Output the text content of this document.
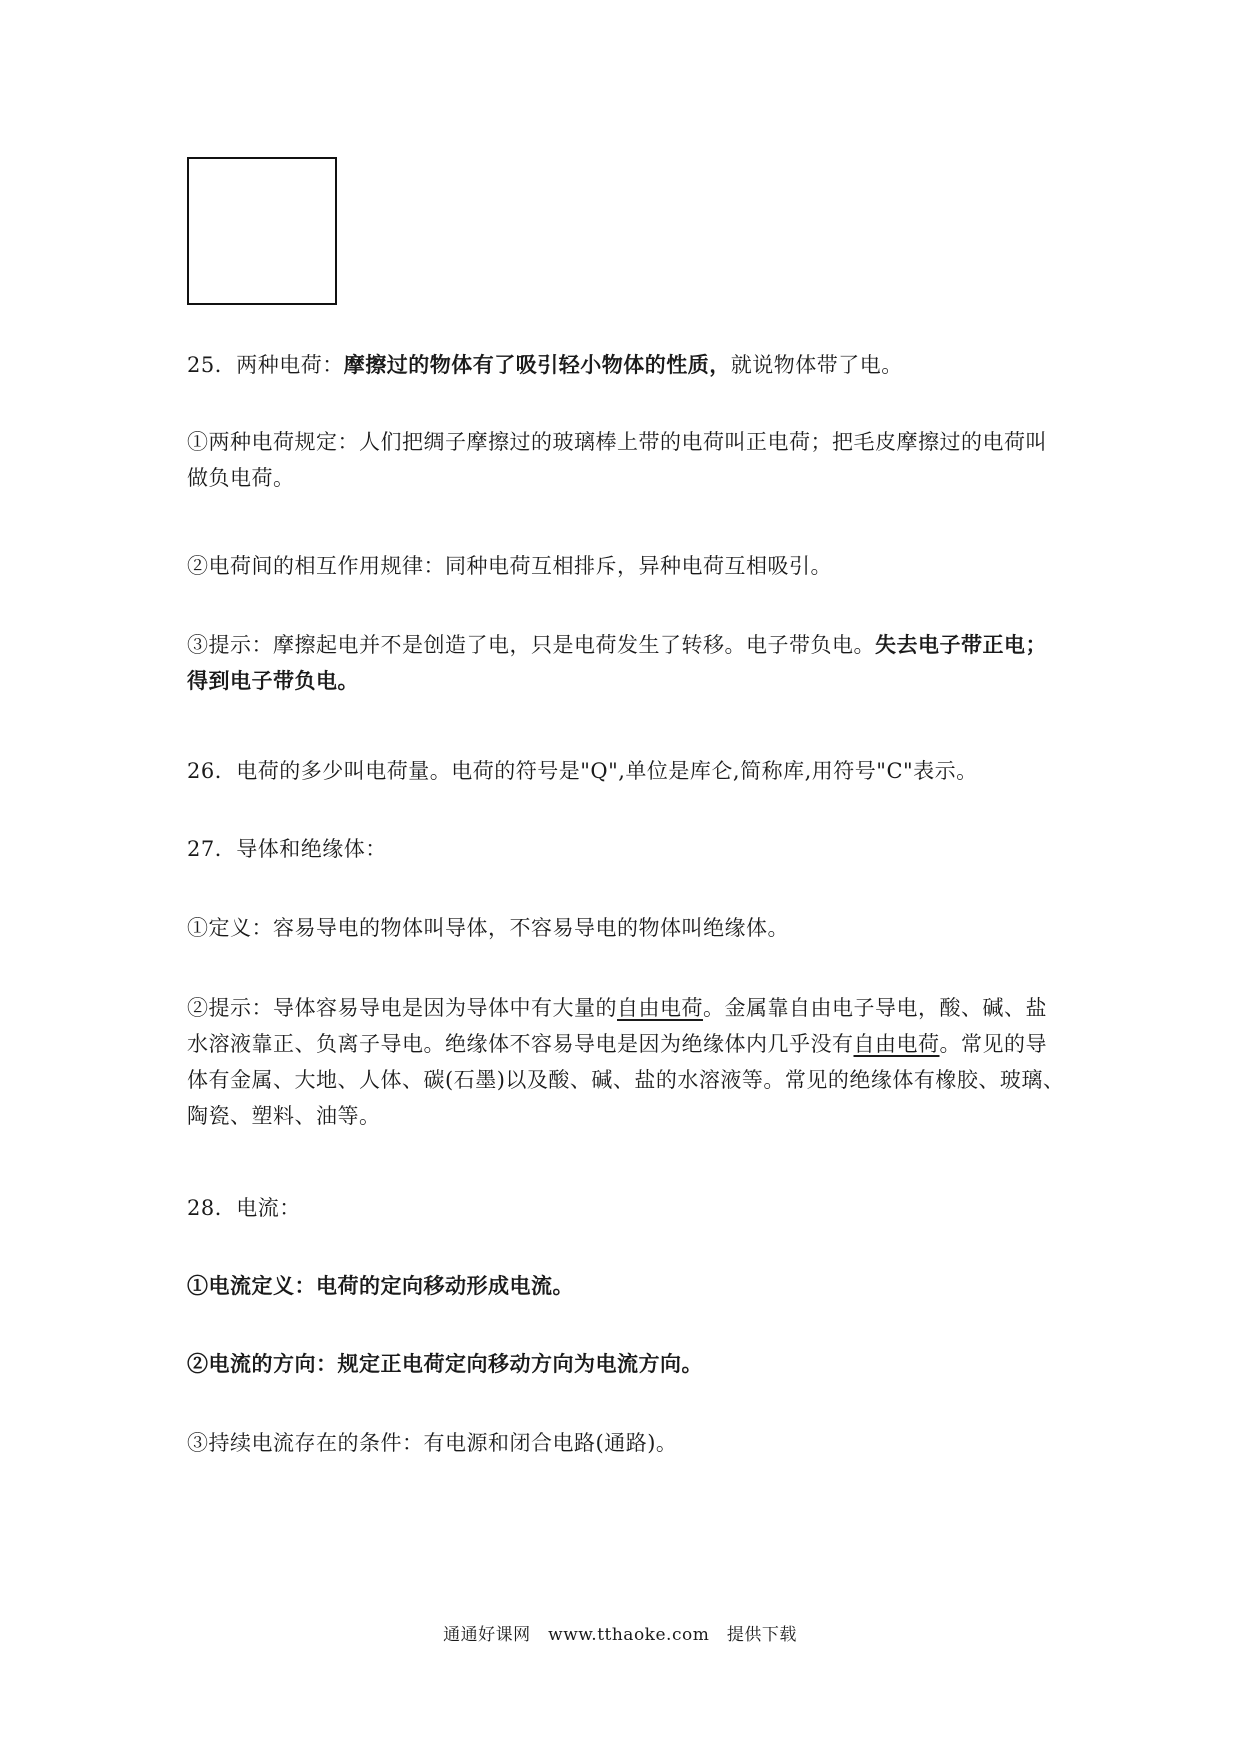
25．两种电荷：摩擦过的物体有了吸引轻小物体的性质，就说物体带了电。

①两种电荷规定：人们把绸子摩擦过的玻璃棒上带的电荷叫正电荷；把毛皮摩擦过的电荷叫
做负电荷。

②电荷间的相互作用规律：同种电荷互相排斥，异种电荷互相吸引。

③提示：摩擦起电并不是创造了电，只是电荷发生了转移。电子带负电。失去电子带正电；
得到电子带负电。

26．电荷的多少叫电荷量。电荷的符号是"Q",单位是库仑,简称库,用符号"C"表示。

27．导体和绝缘体：

①定义：容易导电的物体叫导体，不容易导电的物体叫绝缘体。

②提示：导体容易导电是因为导体中有大量的自由电荷。金属靠自由电子导电，酸、碱、盐
水溶液靠正、负离子导电。绝缘体不容易导电是因为绝缘体内几乎没有自由电荷。常见的导
体有金属、大地、人体、碳(石墨)以及酸、碱、盐的水溶液等。常见的绝缘体有橡胶、玻璃、
陶瓷、塑料、油等。

28．电流：

①电流定义：电荷的定向移动形成电流。

②电流的方向：规定正电荷定向移动方向为电流方向。

③持续电流存在的条件：有电源和闭合电路(通路)。

通通好课网　www.tthaoke.com　提供下载
